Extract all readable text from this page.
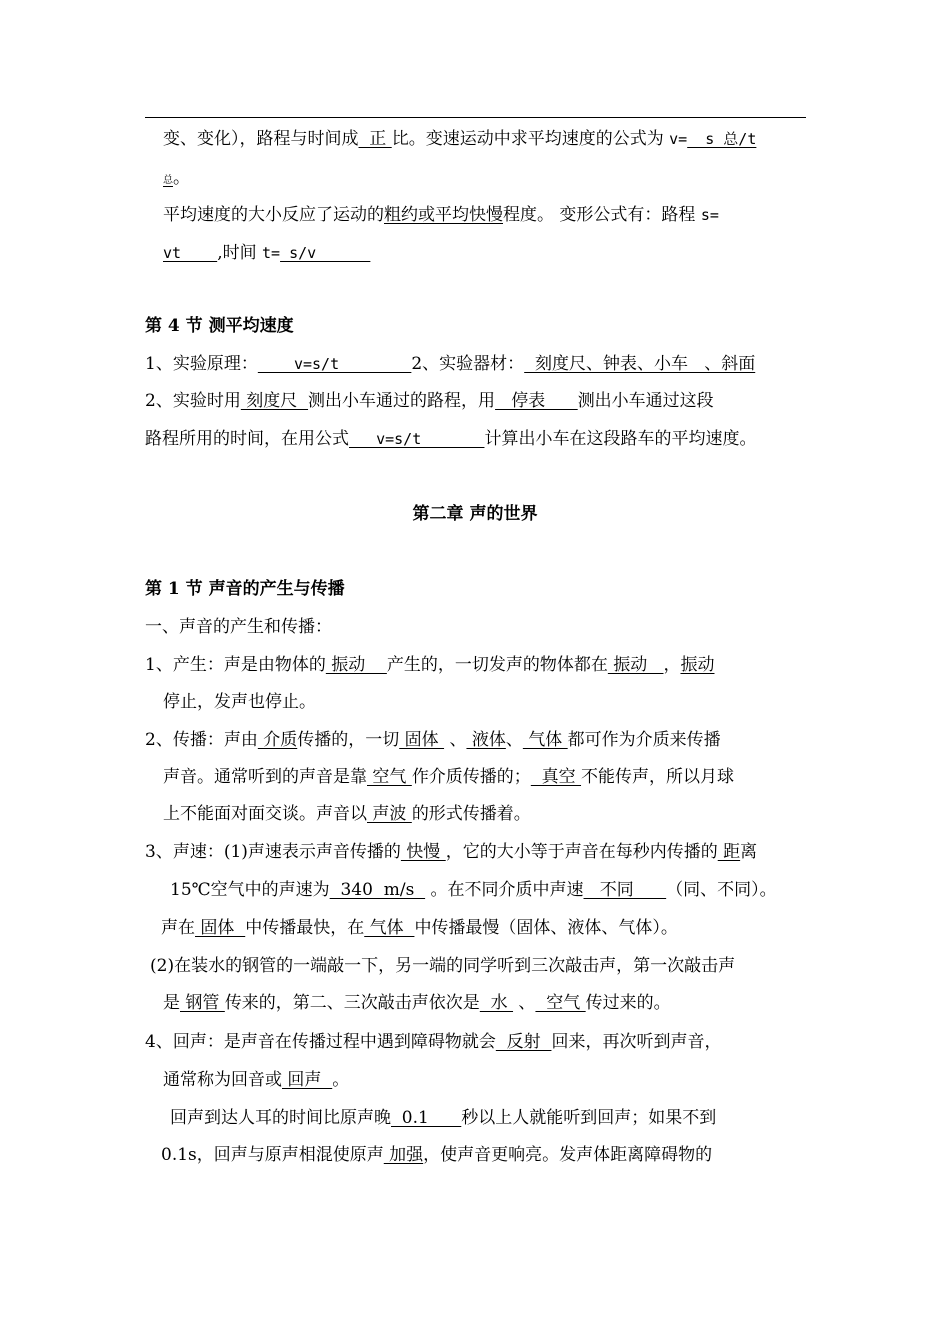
变、变化），路程与时间成  正 比。变速运动中求平均速度的公式为 v=  s 总/t
总。
平均速度的大小反应了运动的粗约或平均快慢程度。 变形公式有：路程 s=
vt    ,时间 t= s/v
第 4 节 测平均速度
1、实验原理：    v=s/t        2、实验器材：  刻度尺、钟表、小车   、斜面
2、实验时用 刻度尺  测出小车通过的路程，用   停表      测出小车通过这段
路程所用的时间，在用公式   v=s/t       计算出小车在这段路车的平均速度。
第二章 声的世界
第 1 节 声音的产生与传播
一、声音的产生和传播：
1、产生：声是由物体的 振动    产生的，一切发声的物体都在 振动   ，振动
停止，发声也停止。
2、传播：声由 介质传播的，一切 固体  、 液体、 气体 都可作为介质来传播
声音。通常听到的声音是靠 空气 作介质传播的；  真空 不能传声，所以月球
上不能面对面交谈。声音以 声波 的形式传播着。
3、声速：(1)声速表示声音传播的 快慢 ，它的大小等于声音在每秒内传播的 距离
15℃空气中的声速为  340  m/s   。在不同介质中声速   不同      （同、不同）。
声在 固体  中传播最快，在 气体  中传播最慢（固体、液体、气体）。
(2)在装水的钢管的一端敲一下，另一端的同学听到三次敲击声，第一次敲击声
是 钢管 传来的，第二、三次敲击声依次是  水  、  空气 传过来的。
4、回声：是声音在传播过程中遇到障碍物就会  反射  回来，再次听到声音，
通常称为回音或 回声  。
回声到达人耳的时间比原声晚  0.1      秒以上人就能听到回声；如果不到
0.1s，回声与原声相混使原声 加强，使声音更响亮。发声体距离障碍物的
